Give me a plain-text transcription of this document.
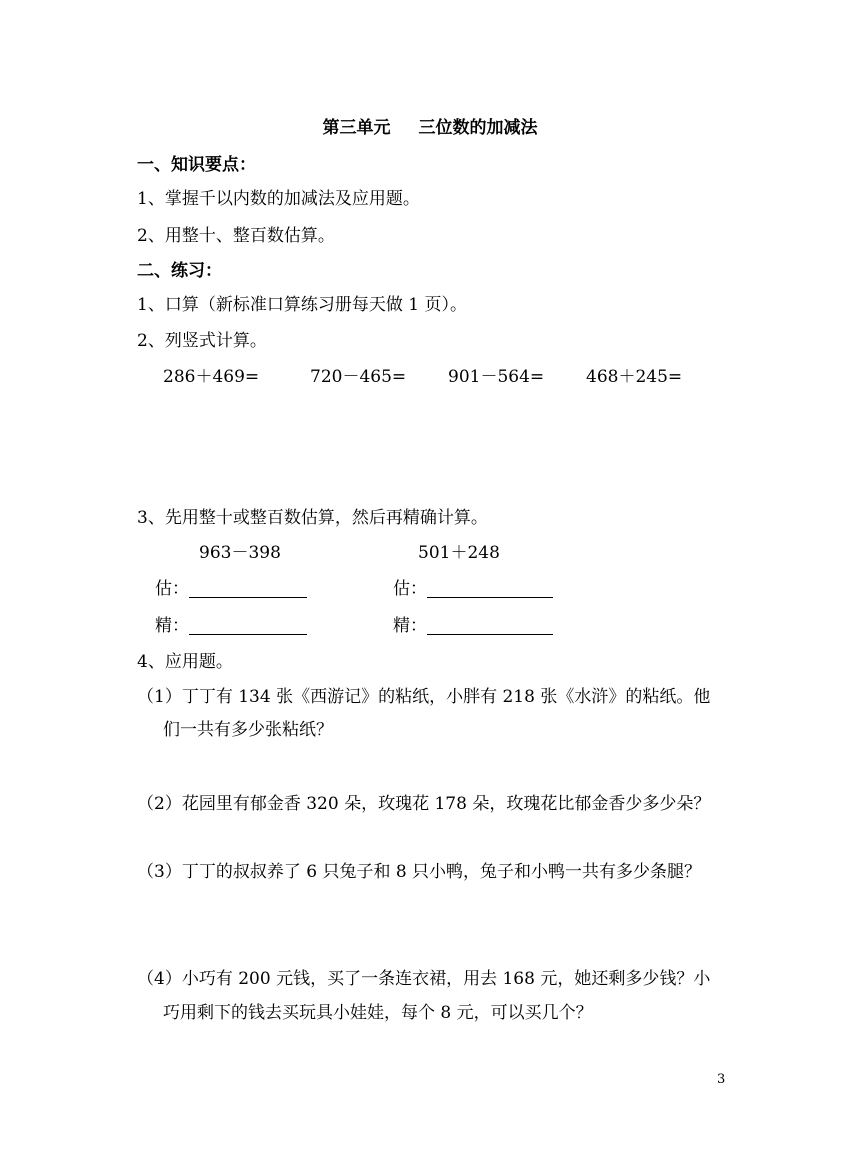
第三单元 三位数的加减法
一、知识要点：
1、掌握千以内数的加减法及应用题。
2、用整十、整百数估算。
二、练习：
1、口算（新标准口算练习册每天做 1 页）。
2、列竖式计算。
286＋469=	720－465= 901－564= 468＋245=
3、先用整十或整百数估算，然后再精确计算。
963－398	501＋248
估：	估：
精：	精：
4、应用题。
（1）丁丁有 134 张《西游记》的粘纸，小胖有 218 张《水浒》的粘纸。他
们一共有多少张粘纸？
（2）花园里有郁金香 320 朵，玫瑰花 178 朵，玫瑰花比郁金香少多少朵？
（3）丁丁的叔叔养了 6 只兔子和 8 只小鸭，兔子和小鸭一共有多少条腿？
（4）小巧有 200 元钱，买了一条连衣裙，用去 168 元，她还剩多少钱？小
巧用剩下的钱去买玩具小娃娃，每个 8 元，可以买几个？
3
